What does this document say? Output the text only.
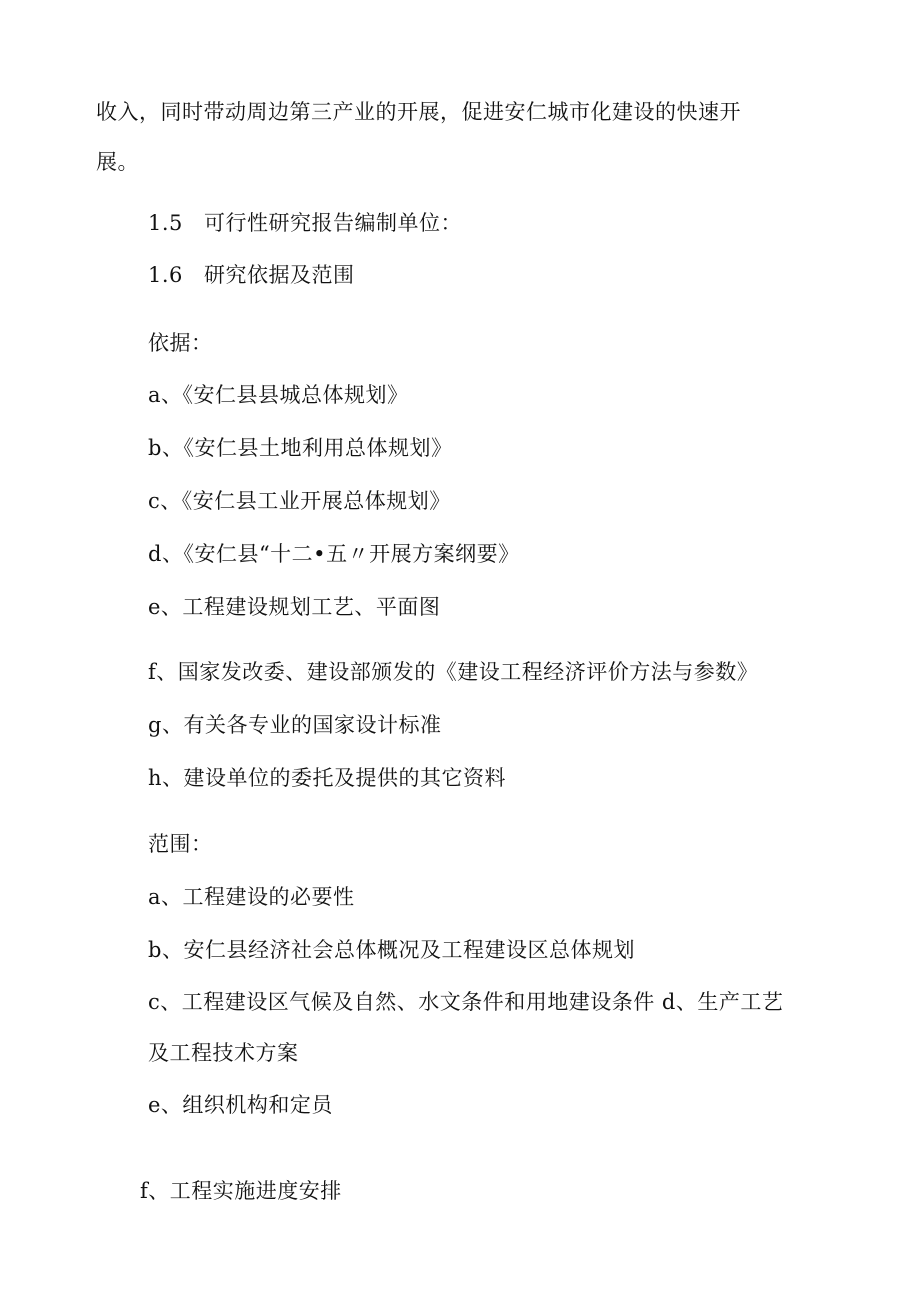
收入，同时带动周边第三产业的开展，促进安仁城市化建设的快速开
展。
1.5 可行性研究报告编制单位：
1.6 研究依据及范围
依据：
a、《安仁县县城总体规划》
b、《安仁县土地利用总体规划》
c、《安仁县工业开展总体规划》
d、《安仁县“十二•五〃开展方案纲要》
e、工程建设规划工艺、平面图
f、国家发改委、建设部颁发的《建设工程经济评价方法与参数》
g、有关各专业的国家设计标准
h、建设单位的委托及提供的其它资料
范围：
a、工程建设的必要性
b、安仁县经济社会总体概况及工程建设区总体规划
c、工程建设区气候及自然、水文条件和用地建设条件 d、生产工艺
及工程技术方案
e、组织机构和定员
f、工程实施进度安排
